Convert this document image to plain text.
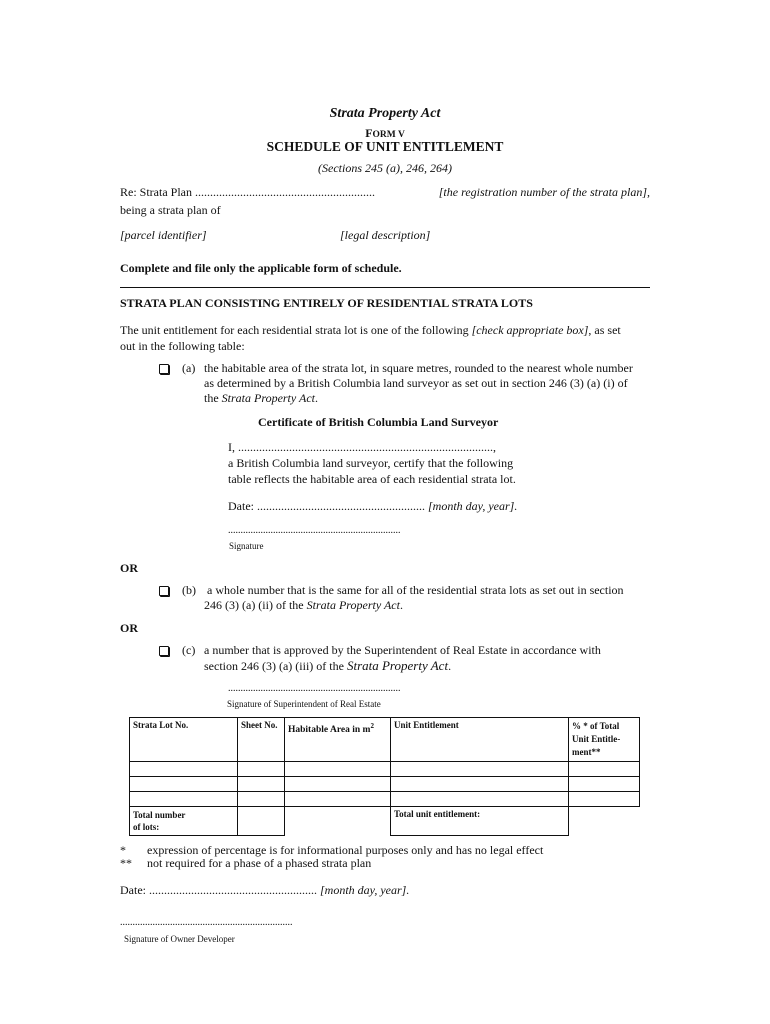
Strata Property Act
FORM V
SCHEDULE OF UNIT ENTITLEMENT
(Sections 245 (a), 246, 264)
Re: Strata Plan ............................................................	[the registration number of the strata plan],
being a strata plan of
[parcel identifier]	[legal description]
Complete and file only the applicable form of schedule.
STRATA PLAN CONSISTING ENTIRELY OF RESIDENTIAL STRATA LOTS
The unit entitlement for each residential strata lot is one of the following [check appropriate box], as set
out in the following table:
(a) the habitable area of the strata lot, in square metres, rounded to the nearest whole number
as determined by a British Columbia land surveyor as set out in section 246 (3) (a) (i) of
the Strata Property Act.
Certificate of British Columbia Land Surveyor
I, .....................................................................................,
a British Columbia land surveyor, certify that the following
table reflects the habitable area of each residential strata lot.
Date: ........................................................ [month day, year].
.....................................................................
Signature
OR
(b) a whole number that is the same for all of the residential strata lots as set out in section
246 (3) (a) (ii) of the Strata Property Act.
OR
(c) a number that is approved by the Superintendent of Real Estate in accordance with
section 246 (3) (a) (iii) of the Strata Property Act.
.....................................................................
Signature of Superintendent of Real Estate
Strata Lot No.	Sheet No.	Habitable Area in $m^2$	Unit Entitlement	% * of Total
Unit Entitle-
ment**

Total number
of lots:			Total unit entitlement:	
* expression of percentage is for informational purposes only and has no legal effect
** not required for a phase of a phased strata plan
Date: ........................................................ [month day, year].
.....................................................................
Signature of Owner Developer
